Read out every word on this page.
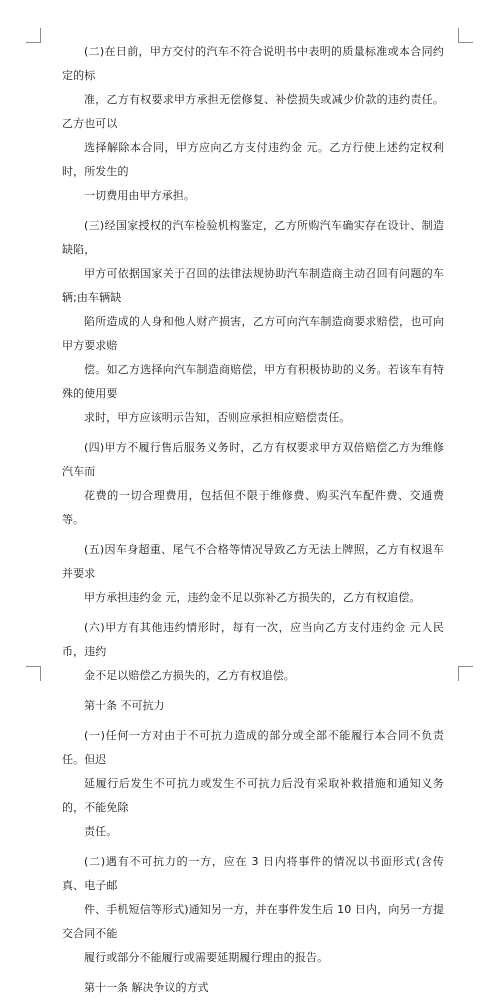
(二)在日前，甲方交付的汽车不符合说明书中表明的质量标准或本合同约定的标
准，乙方有权要求甲方承担无偿修复、补偿损失或减少价款的违约责任。乙方也可以
选择解除本合同，甲方应向乙方支付违约金 元。乙方行使上述约定权利时，所发生的
一切费用由甲方承担。

(三)经国家授权的汽车检验机构鉴定，乙方所购汽车确实存在设计、制造缺陷，
甲方可依据国家关于召回的法律法规协助汽车制造商主动召回有问题的车辆;由车辆缺
陷所造成的人身和他人财产损害，乙方可向汽车制造商要求赔偿，也可向甲方要求赔
偿。如乙方选择向汽车制造商赔偿，甲方有积极协助的义务。若该车有特殊的使用要
求时，甲方应该明示告知，否则应承担相应赔偿责任。

(四)甲方不履行售后服务义务时，乙方有权要求甲方双倍赔偿乙方为维修汽车而
花费的一切合理费用，包括但不限于维修费、购买汽车配件费、交通费等。

(五)因车身超重、尾气不合格等情况导致乙方无法上牌照，乙方有权退车并要求
甲方承担违约金 元，违约金不足以弥补乙方损失的，乙方有权追偿。

(六)甲方有其他违约情形时，每有一次，应当向乙方支付违约金 元人民币，违约
金不足以赔偿乙方损失的，乙方有权追偿。

第十条 不可抗力

(一)任何一方对由于不可抗力造成的部分或全部不能履行本合同不负责任。但迟
延履行后发生不可抗力或发生不可抗力后没有采取补救措施和通知义务的，不能免除
责任。

(二)遇有不可抗力的一方，应在 3 日内将事件的情况以书面形式(含传真、电子邮
件、手机短信等形式)通知另一方，并在事件发生后 10 日内，向另一方提交合同不能
履行或部分不能履行或需要延期履行理由的报告。

第十一条 解决争议的方式
